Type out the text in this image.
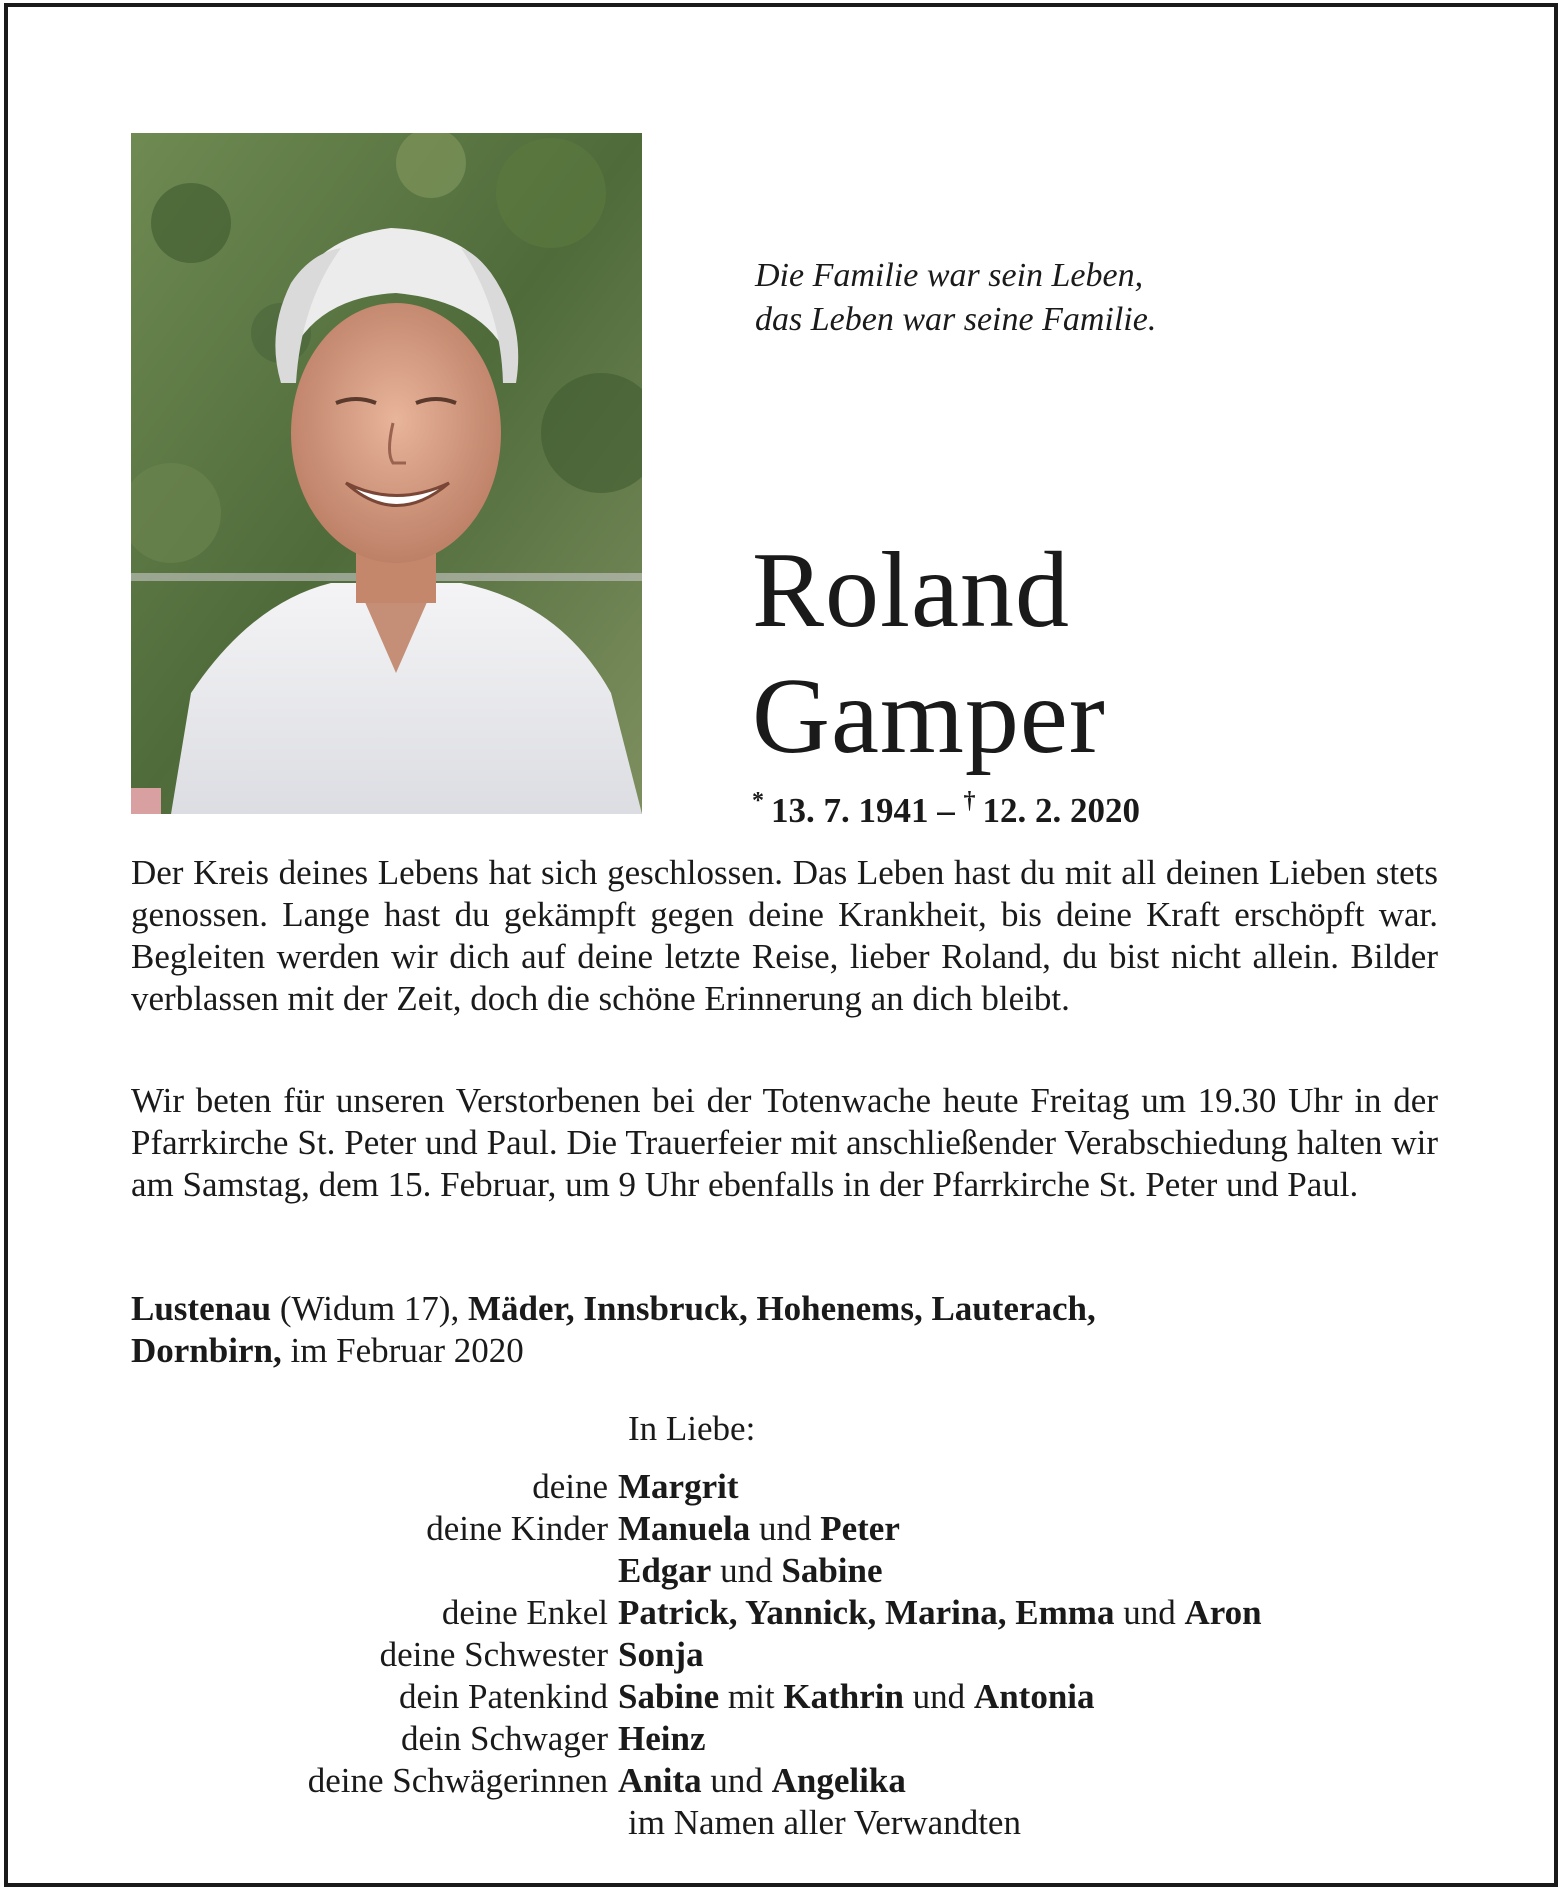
Die Familie war sein Leben,
das Leben war seine Familie.
Roland
Gamper
*  13. 7. 1941 – †  12. 2. 2020
Der Kreis deines Lebens hat sich geschlossen. Das Leben hast du mit all deinen Lieben stets genossen. Lange hast du gekämpft gegen deine Krankheit, bis deine Kraft erschöpft war. Begleiten werden wir dich auf deine letzte Reise, lieber Roland, du bist nicht allein. Bilder verblassen mit der Zeit, doch die schöne Erinnerung an dich bleibt.
Wir beten für unseren Verstorbenen bei der Totenwache heute Freitag um 19.30 Uhr in der Pfarrkirche St. Peter und Paul. Die Trauerfeier mit anschließender Verabschiedung halten wir am Samstag, dem 15. Februar, um 9 Uhr ebenfalls in der Pfarrkirche St. Peter und Paul.
Lustenau (Widum 17), Mäder, Innsbruck, Hohenems, Lauterach,
Dornbirn, im Februar 2020
In Liebe:
deine Margrit
deine Kinder Manuela und Peter
Edgar und Sabine
deine Enkel Patrick, Yannick, Marina, Emma und Aron
deine Schwester Sonja
dein Patenkind Sabine mit Kathrin und Antonia
dein Schwager Heinz
deine Schwägerinnen Anita und Angelika
im Namen aller Verwandten
